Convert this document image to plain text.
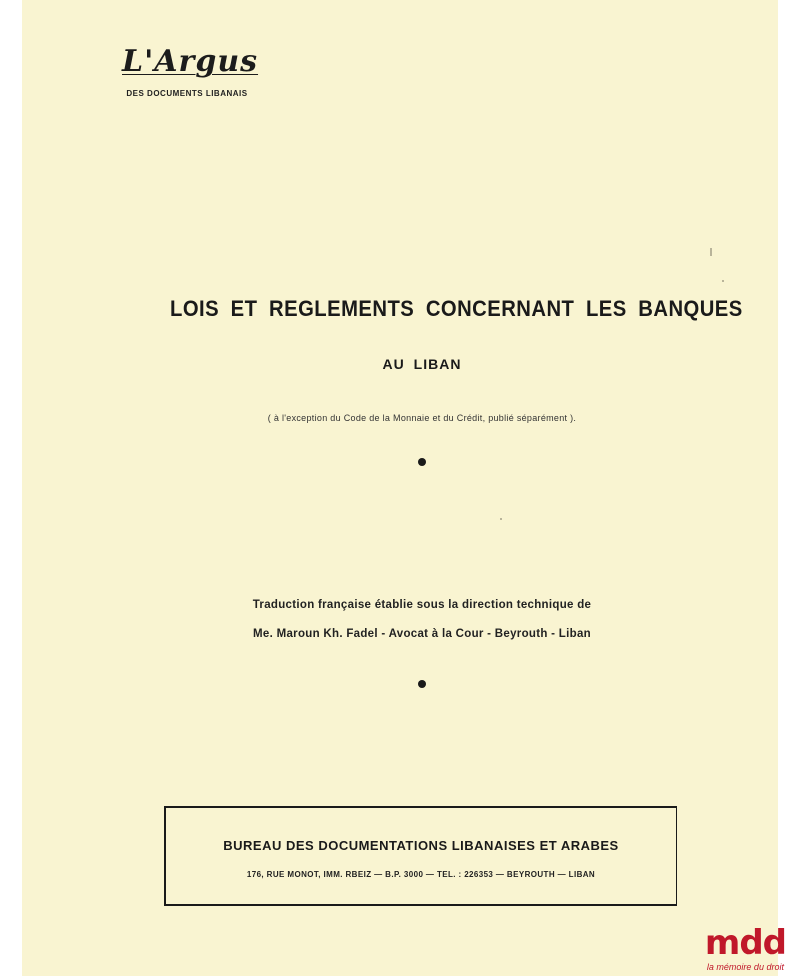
L'Argus
DES DOCUMENTS LIBANAIS
LOIS ET REGLEMENTS CONCERNANT LES BANQUES
AU LIBAN
( à l'exception du Code de la Monnaie et du Crédit, publié séparément ).
Traduction française établie sous la direction technique de
Me. Maroun Kh. Fadel - Avocat à la Cour - Beyrouth - Liban
BUREAU DES DOCUMENTATIONS LIBANAISES ET ARABES
176, RUE MONOT, IMM. RBEIZ — B.P. 3000 — TEL. : 226353 — BEYROUTH — LIBAN
mdd
la mémoire du droit
